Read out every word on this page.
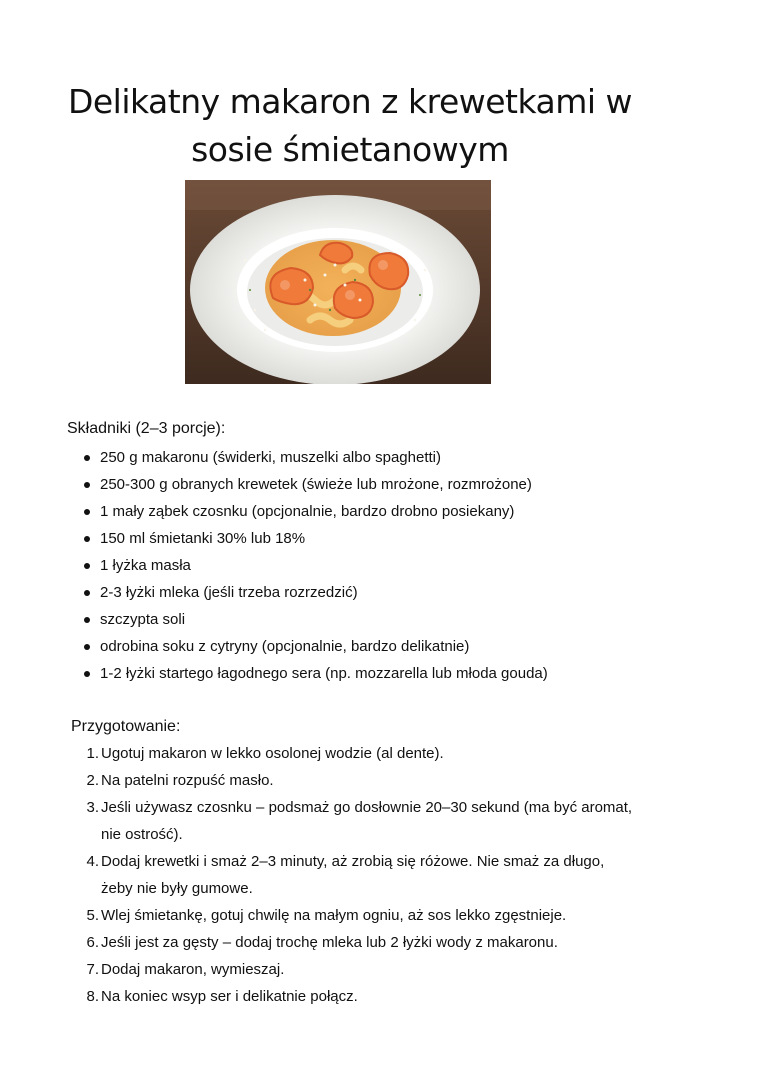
Delikatny makaron z krewetkami w sosie śmietanowym
Składniki (2–3 porcje):
250 g makaronu (świderki, muszelki albo spaghetti)
250-300 g obranych krewetek (świeże lub mrożone, rozmrożone)
1 mały ząbek czosnku (opcjonalnie, bardzo drobno posiekany)
150 ml śmietanki 30% lub 18%
1 łyżka masła
2-3 łyżki mleka (jeśli trzeba rozrzedzić)
szczypta soli
odrobina soku z cytryny (opcjonalnie, bardzo delikatnie)
1-2 łyżki startego łagodnego sera (np. mozzarella lub młoda gouda)
Przygotowanie:
1. Ugotuj makaron w lekko osolonej wodzie (al dente).
2. Na patelni rozpuść masło.
3. Jeśli używasz czosnku – podsmaż go dosłownie 20–30 sekund (ma być aromat, nie ostrość).
4. Dodaj krewetki i smaż 2–3 minuty, aż zrobią się różowe. Nie smaż za długo, żeby nie były gumowe.
5. Wlej śmietankę, gotuj chwilę na małym ogniu, aż sos lekko zgęstnieje.
6. Jeśli jest za gęsty – dodaj trochę mleka lub 2 łyżki wody z makaronu.
7. Dodaj makaron, wymieszaj.
8. Na koniec wsyp ser i delikatnie połącz.
